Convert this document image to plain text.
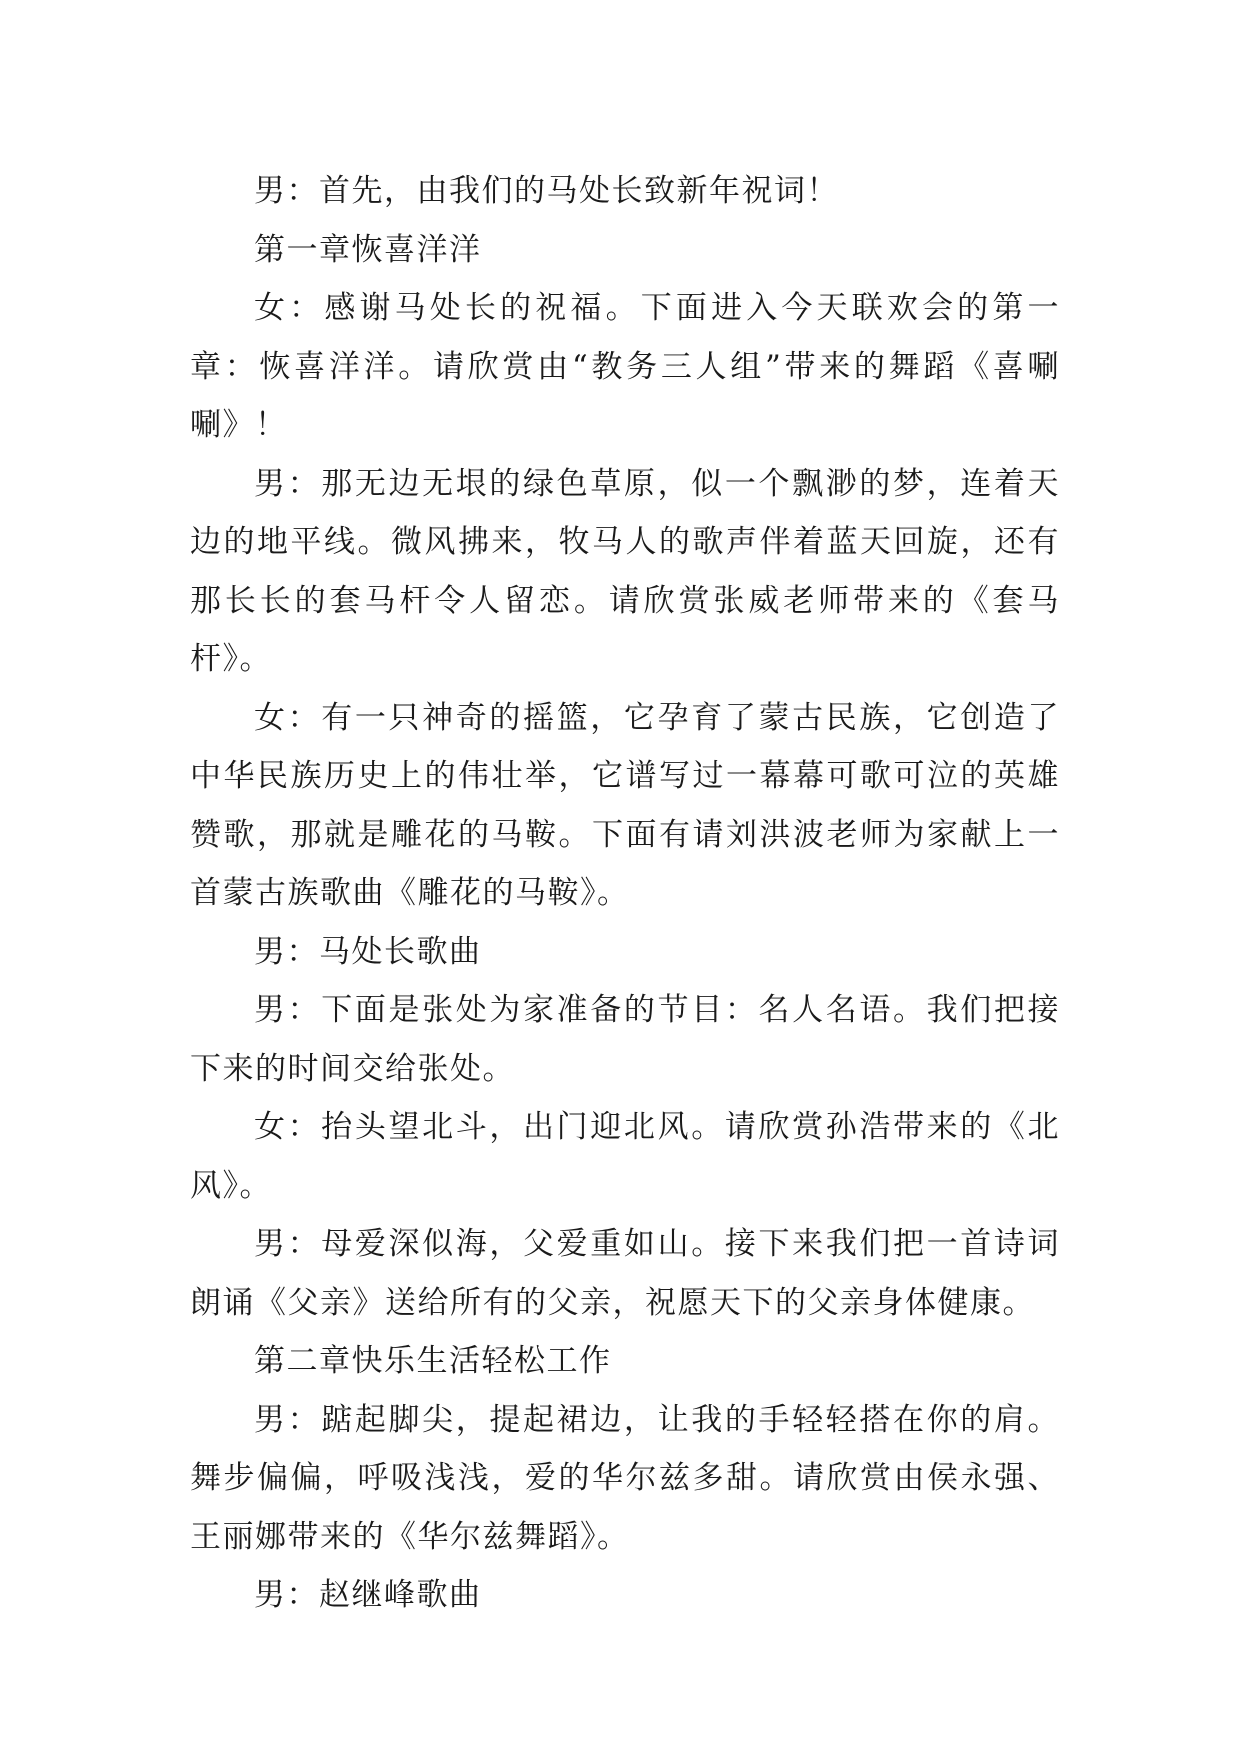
男：首先，由我们的马处长致新年祝词！

第一章恢喜洋洋

女：感谢马处长的祝福。下面进入今天联欢会的第一章：恢喜洋洋。请欣赏由“教务三人组”带来的舞蹈《喜唰唰》！

男：那无边无垠的绿色草原，似一个飘渺的梦，连着天边的地平线。微风拂来，牧马人的歌声伴着蓝天回旋，还有那长长的套马杆令人留恋。请欣赏张威老师带来的《套马杆》。

女：有一只神奇的摇篮，它孕育了蒙古民族，它创造了中华民族历史上的伟壮举，它谱写过一幕幕可歌可泣的英雄赞歌，那就是雕花的马鞍。下面有请刘洪波老师为家献上一首蒙古族歌曲《雕花的马鞍》。

男：马处长歌曲

男：下面是张处为家准备的节目：名人名语。我们把接下来的时间交给张处。

女：抬头望北斗，出门迎北风。请欣赏孙浩带来的《北风》。

男：母爱深似海，父爱重如山。接下来我们把一首诗词朗诵《父亲》送给所有的父亲，祝愿天下的父亲身体健康。

第二章快乐生活轻松工作

男：踮起脚尖，提起裙边，让我的手轻轻搭在你的肩。舞步偏偏，呼吸浅浅，爱的华尔兹多甜。请欣赏由侯永强、王丽娜带来的《华尔兹舞蹈》。

男：赵继峰歌曲
